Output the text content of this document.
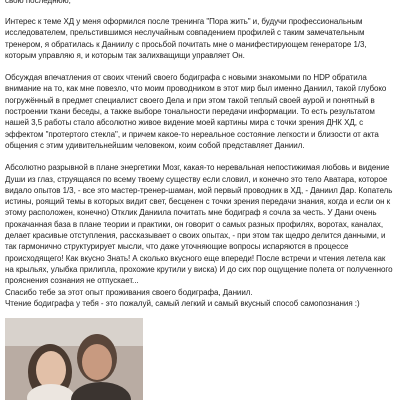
свою последнюю,

Интерес к теме ХД у меня оформился после тренинга "Пора жить" и, будучи профессиональным исследователем, прельстившимся неслучайным совпадением профилей с таким замечательным тренером, я обратилась к Даниилу с просьбой почитать мне о манифестирующем генераторе 1/3, которым управляю я, и которым так залихващищи управляет Он.

Обсуждая впечатления от своих чтений своего бодиграфа с новыми знакомыми по HDP обратила внимание на то, как мне повезло, что моим проводником в этот мир был именно Даниил, такой глубоко погружённый в предмет специалист своего Дела и при этом такой теплый своей аурой и понятный в построении ткани беседы, а также выборе тональности передачи информации. То есть результатом нашей 3,5 работы стало абсолютно живое видение моей картины мира с точки зрения ДНК ХД, с эффектом "протертого стекла", и причем какое-то нереальное состояние легкости и близости от акта общения с этим удивительнейшим человеком, коим собой представляет Даниил.

Абсолютно разрывной в плане энергетики Мозг, какая-то неревальная непостижимая любовь и видение Души из глаз, струящаяся по всему твоему существу если словил, и конечно это тело Аватара, которое видало опытов 1/3, - все это мастер-тренер-шаман, мой первый проводник в ХД, - Даниил Дар. Копатель истины, роящий темы в которых видит свет, бесценен с точки зрения передачи знания, когда и если он к этому расположен, конечно) Отклик Даниила почитать мне бодиграф я сочла за честь. У Дани очень прокачанная база в плане теории и практики, он говорит о самых разных профилях, воротах, каналах, делает красивые отступления, рассказывает о своих опытах, - при этом так щедро делится данными, и так гармонично структурирует мысли, что даже уточняющие вопросы испаряются в процессе происходящего! Как вкусно Знать! А сколько вкусного еще впереди! После встречи и чтения летела как на крыльях, улыбка прилипла, прохожие крутили у виска) И до сих пор ощущение полета от полученного прояснения сознания не отпускает...

Спасибо тебе за этот опыт проживания своего бодиграфа, Даниил.

Чтение бодиграфа у тебя - это пожалуй, самый легкий и самый вкусный способ самопознания :)
